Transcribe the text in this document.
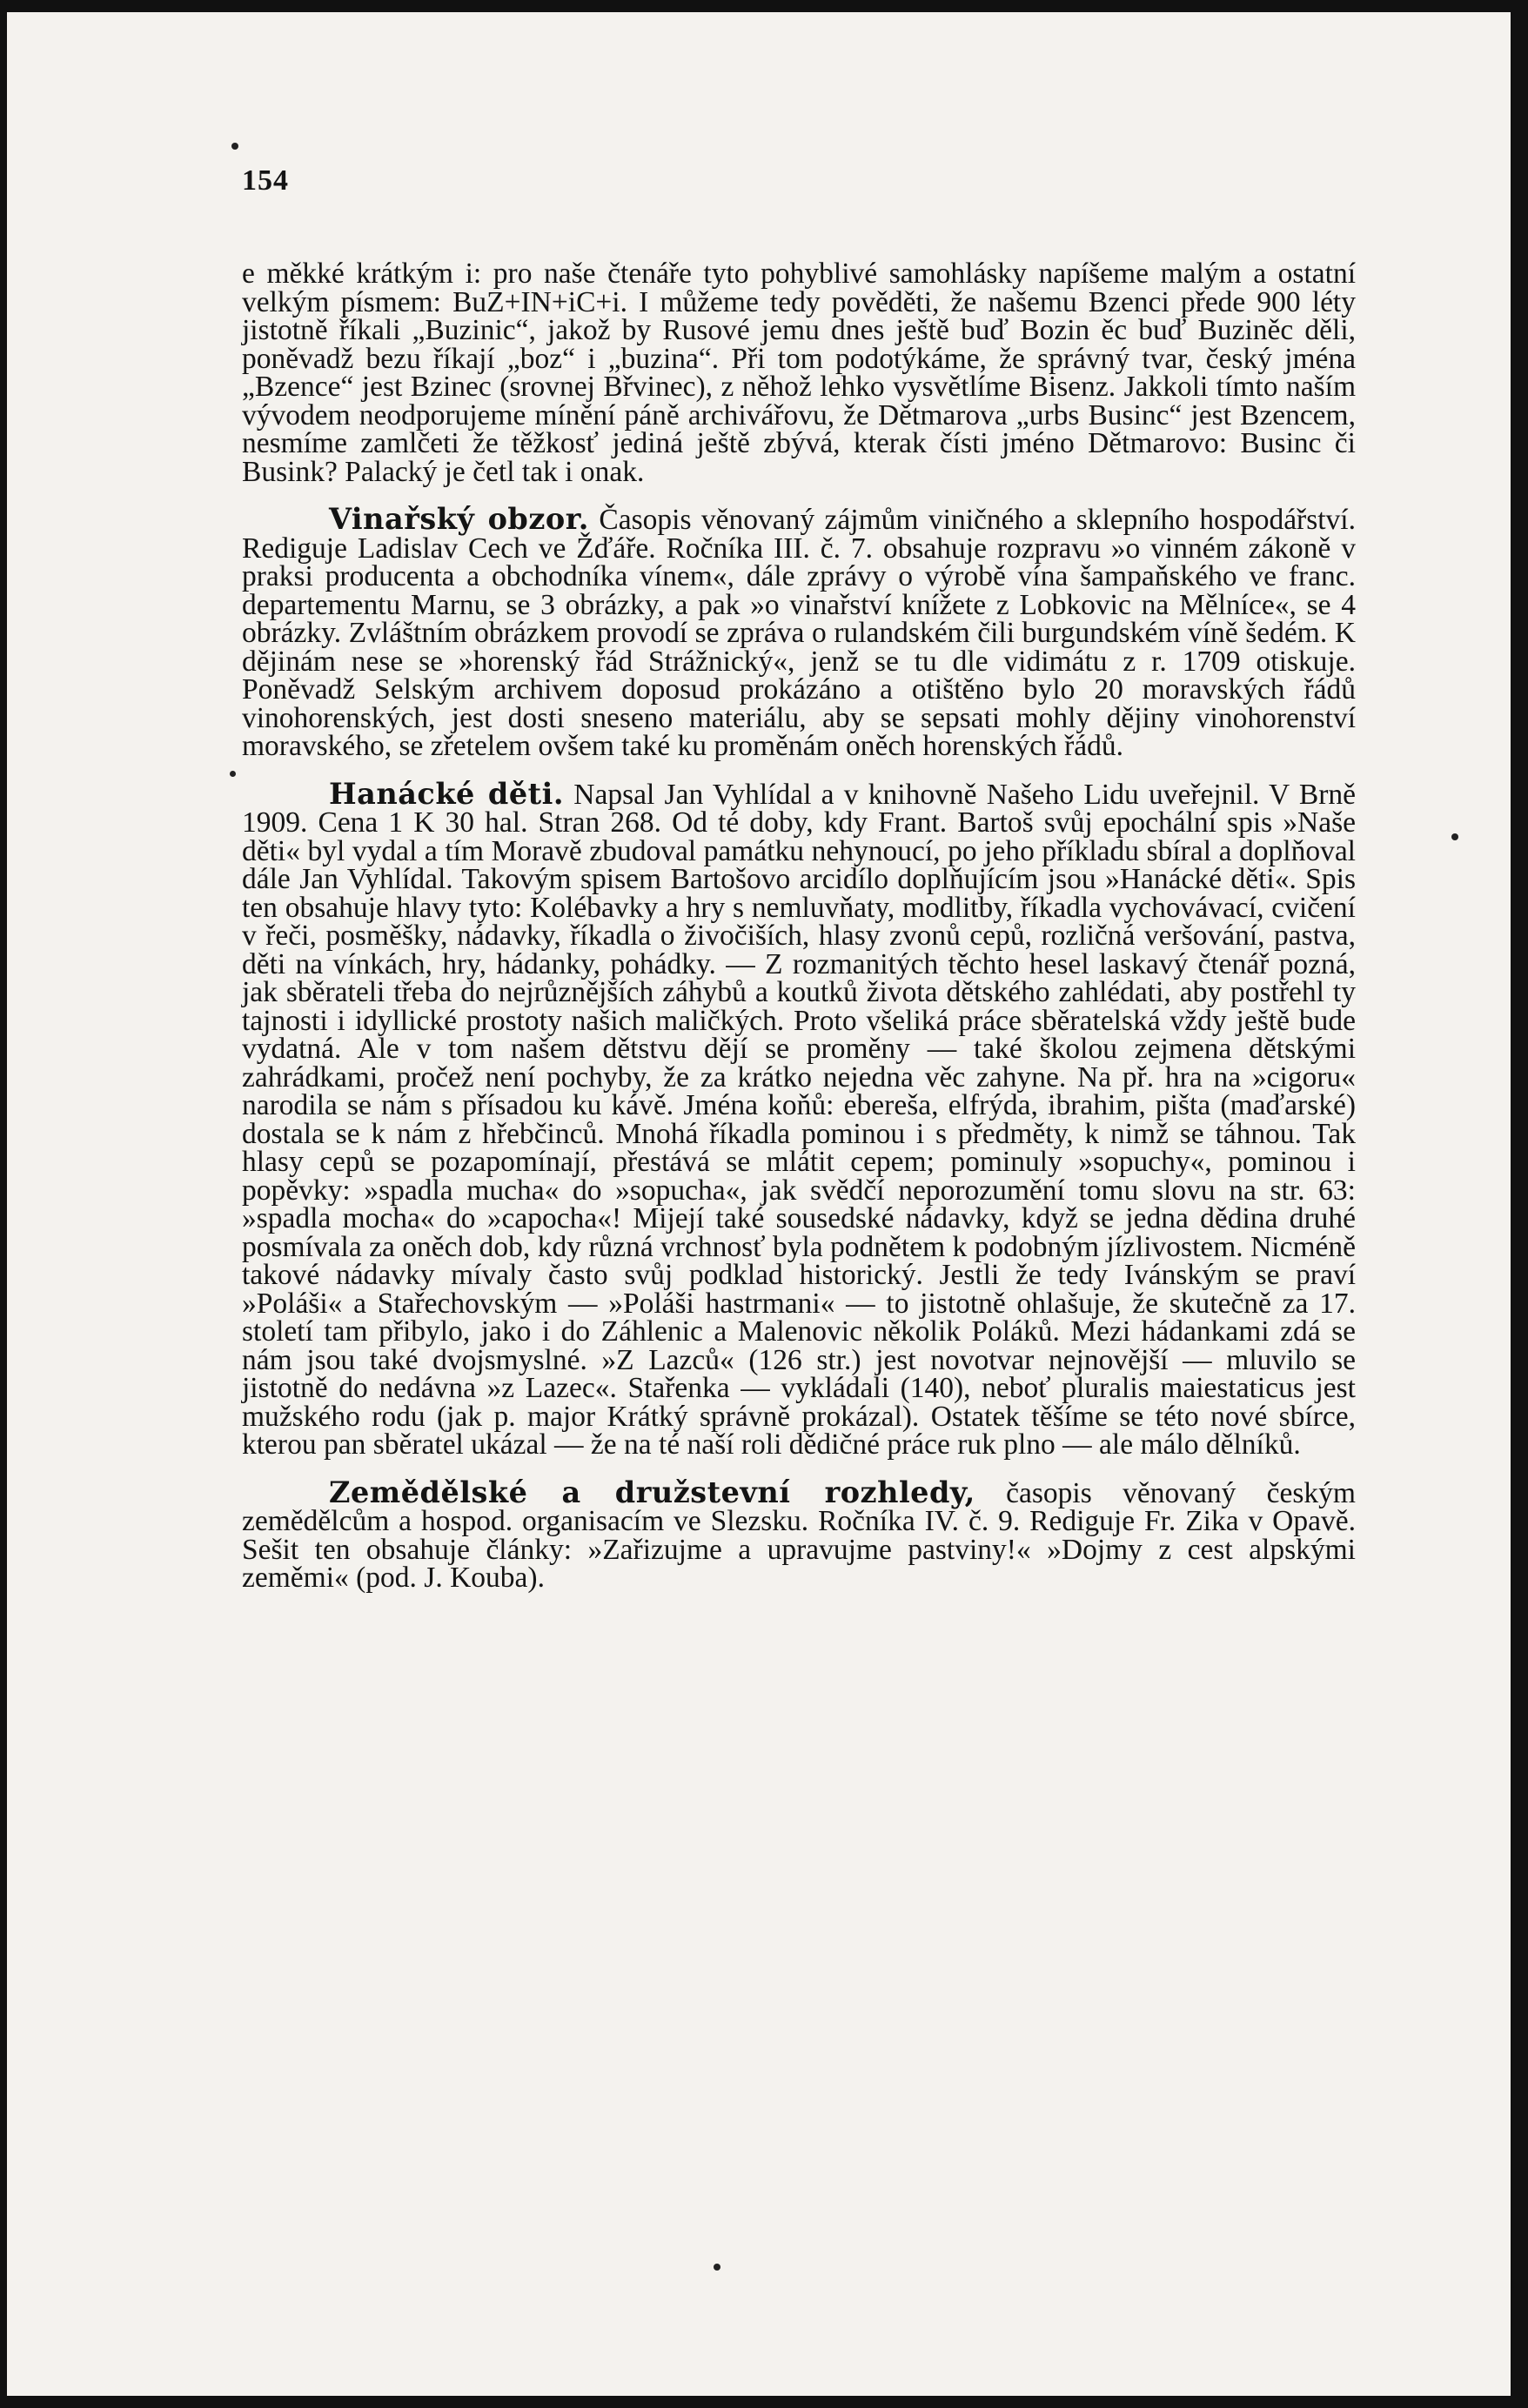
154

e měkké krátkým i: pro naše čtenáře tyto pohyblivé samohlásky napíšeme malým a ostatní velkým písmem: BuZ+IN+iC+i. I můžeme tedy pověděti, že našemu Bzenci přede 900 léty jistotně říkali „Buzinic“, jakož by Rusové jemu dnes ještě buď Bozin ěc buď Buziněc děli, poněvadž bezu říkají „boz“ i „buzina“. Při tom podotýkáme, že správný tvar, český jména „Bzence“ jest Bzinec (srovnej Břvinec), z něhož lehko vysvětlíme Bisenz. Jakkoli tímto naším vývodem neodporujeme mínění páně archivářovu, že Dětmarova „urbs Businc“ jest Bzencem, nesmíme zamlčeti že těžkosť jediná ještě zbývá, kterak čísti jméno Dětmarovo: Businc či Busink? Palacký je četl tak i onak.

Vinařský obzor. Časopis věnovaný zájmům viničného a sklepního hospodářství. Rediguje Ladislav Cech ve Žďáře. Ročníka III. č. 7. obsahuje rozpravu »o vinném zákoně v praksi producenta a obchodníka vínem«, dále zprávy o výrobě vína šampaňského ve franc. departementu Marnu, se 3 obrázky, a pak »o vinařství knížete z Lobkovic na Mělníce«, se 4 obrázky. Zvláštním obrázkem provodí se zpráva o rulandském čili burgundském víně šedém. K dějinám nese se »horenský řád Strážnický«, jenž se tu dle vidimátu z r. 1709 otiskuje. Poněvadž Selským archivem doposud prokázáno a otištěno bylo 20 moravských řádů vinohorenských, jest dosti sneseno materiálu, aby se sepsati mohly dějiny vinohorenství moravského, se zřetelem ovšem také ku proměnám oněch horenských řádů.

Hanácké děti. Napsal Jan Vyhlídal a v knihovně Našeho Lidu uveřejnil. V Brně 1909. Cena 1 K 30 hal. Stran 268. Od té doby, kdy Frant. Bartoš svůj epochální spis »Naše děti« byl vydal a tím Moravě zbudoval památku nehynoucí, po jeho příkladu sbíral a doplňoval dále Jan Vyhlídal. Takovým spisem Bartošovo arcidílo doplňujícím jsou »Hanácké děti«. Spis ten obsahuje hlavy tyto: Kolébavky a hry s nemluvňaty, modlitby, říkadla vychovávací, cvičení v řeči, posměšky, nádavky, říkadla o živočiších, hlasy zvonů cepů, rozličná veršování, pastva, děti na vínkách, hry, hádanky, pohádky. — Z rozmanitých těchto hesel laskavý čtenář pozná, jak sběrateli třeba do nejrůznějších záhybů a koutků života dětského zahlédati, aby postřehl ty tajnosti i idyllické prostoty našich maličkých. Proto všeliká práce sběratelská vždy ještě bude vydatná. Ale v tom našem dětstvu dějí se proměny — také školou zejmena dětskými zahrádkami, pročež není pochyby, že za krátko nejedna věc zahyne. Na př. hra na »cigoru« narodila se nám s přísadou ku kávě. Jména koňů: ebereša, elfrýda, ibrahim, pišta (maďarské) dostala se k nám z hřebčinců. Mnohá říkadla pominou i s předměty, k nimž se táhnou. Tak hlasy cepů se pozapomínají, přestává se mlátit cepem; pominuly »sopuchy«, pominou i popěvky: »spadla mucha« do »sopucha«, jak svědčí neporozumění tomu slovu na str. 63: »spadla mocha« do »capocha«! Mijejí také sousedské nádavky, když se jedna dědina druhé posmívala za oněch dob, kdy různá vrchnosť byla podnětem k podobným jízlivostem. Nicméně takové nádavky mívaly často svůj podklad historický. Jestli že tedy Ivánským se praví »Poláši« a Stařechovským — »Poláši hastrmani« — to jistotně ohlašuje, že skutečně za 17. století tam přibylo, jako i do Záhlenic a Malenovic několik Poláků. Mezi hádankami zdá se nám jsou také dvojsmyslné. »Z Lazců« (126 str.) jest novotvar nejnovější — mluvilo se jistotně do nedávna »z Lazec«. Stařenka — vykládali (140), neboť pluralis maiestaticus jest mužského rodu (jak p. major Krátký správně prokázal). Ostatek těšíme se této nové sbírce, kterou pan sběratel ukázal — že na té naší roli dědičné práce ruk plno — ale málo dělníků.

Zemědělské a družstevní rozhledy, časopis věnovaný českým zemědělcům a hospod. organisacím ve Slezsku. Ročníka IV. č. 9. Rediguje Fr. Zika v Opavě. Sešit ten obsahuje články: »Zařizujme a upravujme pastviny!« »Dojmy z cest alpskými zeměmi« (pod. J. Kouba).
